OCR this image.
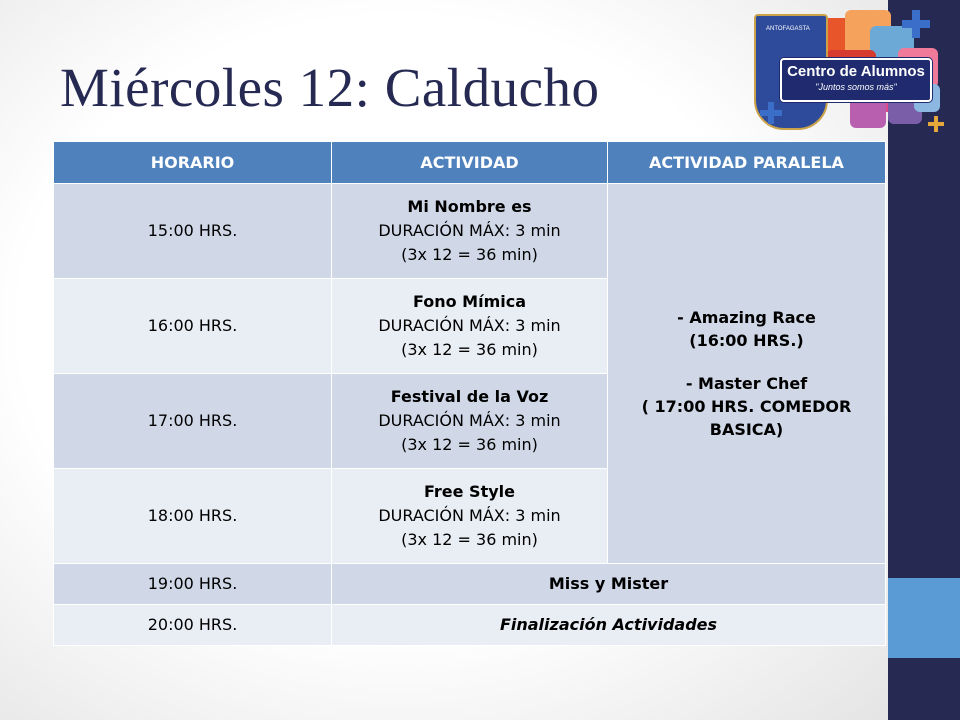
Miércoles 12: Calducho
ANTOFAGASTA
Centro de Alumnos
"Juntos somos más"
HORARIO	ACTIVIDAD	ACTIVIDAD PARALELA
15:00 HRS.	Mi Nombre es
DURACIÓN MÁX: 3 min
(3x 12 = 36 min)	- Amazing Race
(16:00 HRS.)
- Master Chef
( 17:00 HRS. COMEDOR
BASICA)

16:00 HRS.	Fono Mímica
DURACIÓN MÁX: 3 min
(3x 12 = 36 min)	

17:00 HRS.	Festival de la Voz
DURACIÓN MÁX: 3 min
(3x 12 = 36 min)	

18:00 HRS.	Free Style
DURACIÓN MÁX: 3 min
(3x 12 = 36 min)	

19:00 HRS.	Miss y Mister	
20:00 HRS.	Finalización Actividades	
